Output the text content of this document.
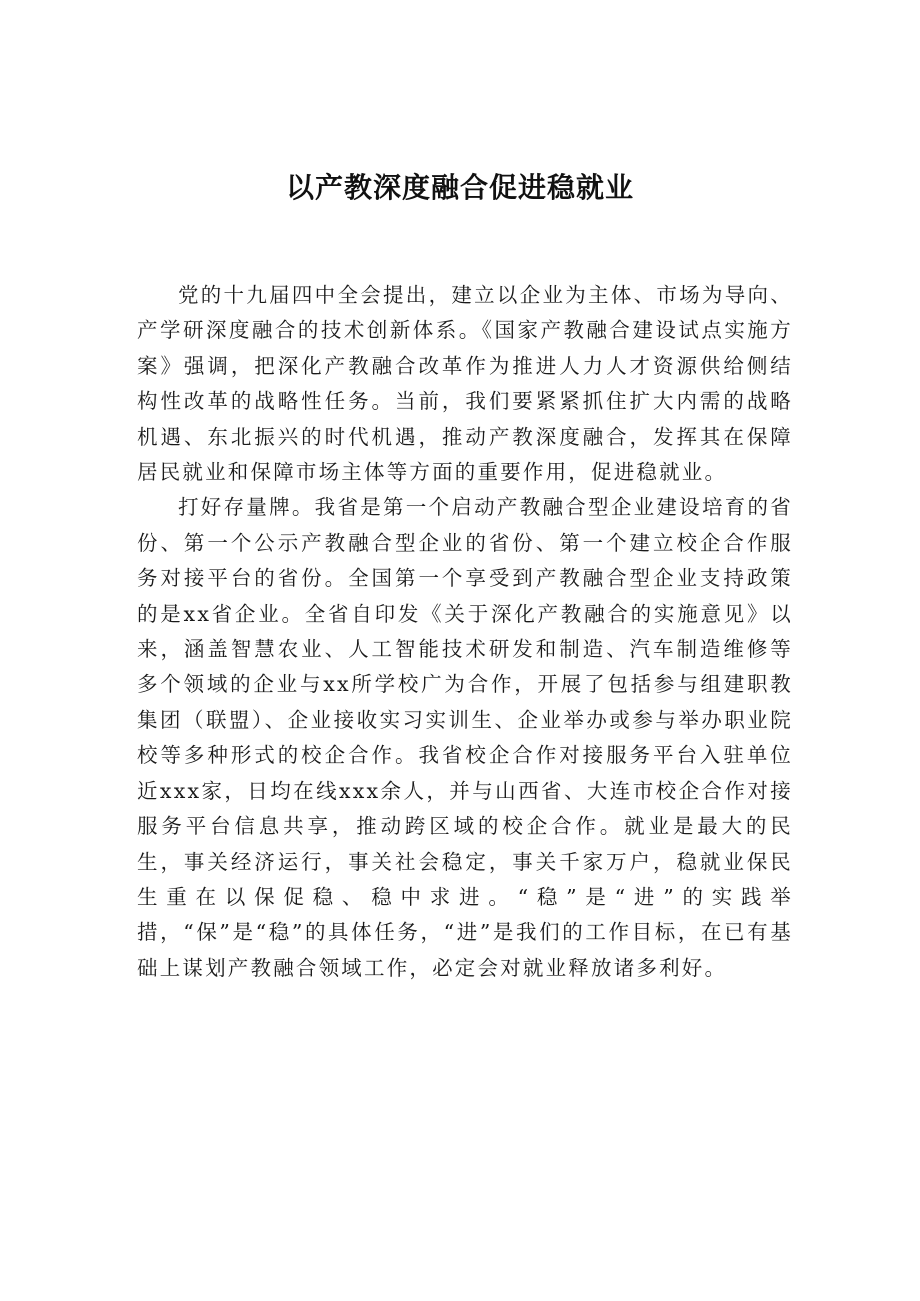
以产教深度融合促进稳就业

党的十九届四中全会提出，建立以企业为主体、市场为导向、产学研深度融合的技术创新体系。《国家产教融合建设试点实施方案》强调，把深化产教融合改革作为推进人力人才资源供给侧结构性改革的战略性任务。当前，我们要紧紧抓住扩大内需的战略机遇、东北振兴的时代机遇，推动产教深度融合，发挥其在保障居民就业和保障市场主体等方面的重要作用，促进稳就业。

打好存量牌。我省是第一个启动产教融合型企业建设培育的省份、第一个公示产教融合型企业的省份、第一个建立校企合作服务对接平台的省份。全国第一个享受到产教融合型企业支持政策的是xx省企业。全省自印发《关于深化产教融合的实施意见》以来，涵盖智慧农业、人工智能技术研发和制造、汽车制造维修等多个领域的企业与xx所学校广为合作，开展了包括参与组建职教集团（联盟）、企业接收实习实训生、企业举办或参与举办职业院校等多种形式的校企合作。我省校企合作对接服务平台入驻单位近xxx家，日均在线xxx余人，并与山西省、大连市校企合作对接服务平台信息共享，推动跨区域的校企合作。就业是最大的民生，事关经济运行，事关社会稳定，事关千家万户，稳就业保民生重在以保促稳、稳中求进。“稳”是“进”的实践举措，“保”是“稳”的具体任务，“进”是我们的工作目标，在已有基础上谋划产教融合领域工作，必定会对就业释放诸多利好。
